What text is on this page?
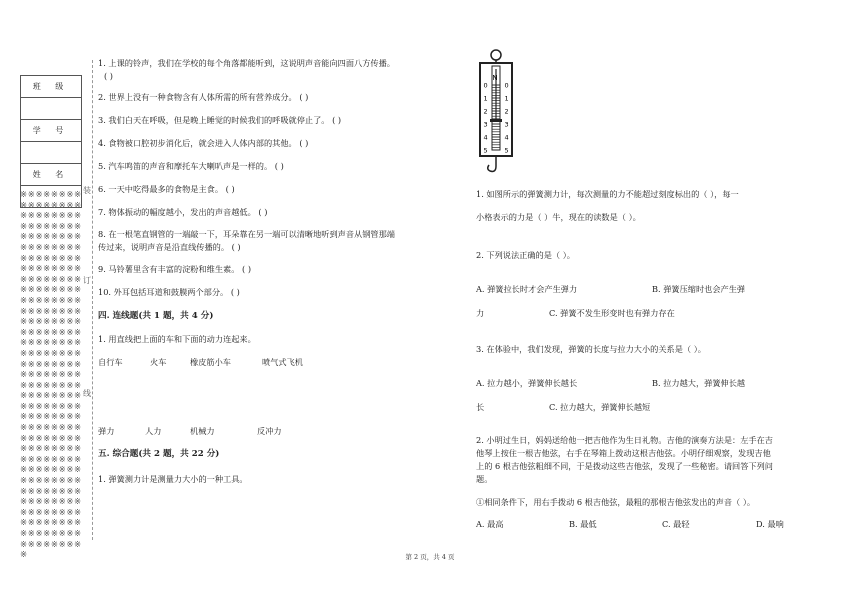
班 级

学 号

姓 名

※※※※※※※※※※※※※※※※※※※※※※※※※※※※※※※※※※※※※※※※※※※※※※※※※※※※※※※※※※※※※※※※※※※※※※※※※※※※※※※※※※※※※※※※※※※※※※※※※※※※※※※※※※※※※※※※※※※※※※※※※※※※※※※※※※※※※※※※※※※※※※※※※※※※※※※※※※※※※※※※※※※※※※※※※※※※※※※※※※※※※※※※※※※※※※※※※※※※※※※※※※※※※※※※※※※※※※※※※※※※※※※※※※※※※※※※※※※※※※※※※※※※※※※※※※※※※※※※※※※※※※※※※※※※※※※※※
装
订
线
1. 上课的铃声，我们在学校的每个角落都能听到，这说明声音能向四面八方传播。
( )
2. 世界上没有一种食物含有人体所需的所有营养成分。 ( )
3. 我们白天在呼吸，但是晚上睡觉的时候我们的呼吸就停止了。 ( )
4. 食物被口腔初步消化后，就会进入人体内部的其他。 ( )
5. 汽车鸣笛的声音和摩托车大喇叭声是一样的。 ( )
6. 一天中吃得最多的食物是主食。 ( )
7. 物体振动的幅度越小，发出的声音越低。 ( )
8. 在一根笔直钢管的一端敲一下，耳朵靠在另一端可以清晰地听到声音从钢管那端
传过来，说明声音是沿直线传播的。 ( )
9. 马铃薯里含有丰富的淀粉和维生素。 ( )
10. 外耳包括耳道和鼓膜两个部分。 ( )
四. 连线题(共 1 题，共 4 分)
1. 用直线把上面的车和下面的动力连起来。
自行车	火车	橡皮筋小车	喷气式飞机
弹力	人力	机械力	反冲力
五. 综合题(共 2 题，共 22 分)
1. 弹簧测力计是测量力大小的一种工具。
N
0
1
2
3
4
5
0
1
2
3
4
5
1. 如图所示的弹簧测力计，每次测量的力不能超过刻度标出的（ ），每一
小格表示的力是（ ）牛，现在的读数是（ ）。
2. 下列说法正确的是（ ）。
A. 弹簧拉长时才会产生弹力	B. 弹簧压缩时也会产生弹
力	C. 弹簧不发生形变时也有弹力存在
3. 在体验中，我们发现，弹簧的长度与拉力大小的关系是（ ）。
A. 拉力越小，弹簧伸长越长	B. 拉力越大，弹簧伸长越
长	C. 拉力越大，弹簧伸长越短
2. 小明过生日，妈妈送给他一把吉他作为生日礼物。吉他的演奏方法是：左手在吉
他琴上按住一根吉他弦，右手在琴箱上拨动这根吉他弦。小明仔细观察，发现吉他
上的 6 根吉他弦粗细不同，于是拨动这些吉他弦，发现了一些秘密。请回答下列问
题。
①相同条件下，用右手拨动 6 根吉他弦，最粗的那根吉他弦发出的声音（ ）。
A. 最高	B. 最低	C. 最轻	D. 最响
第 2 页，共 4 页
